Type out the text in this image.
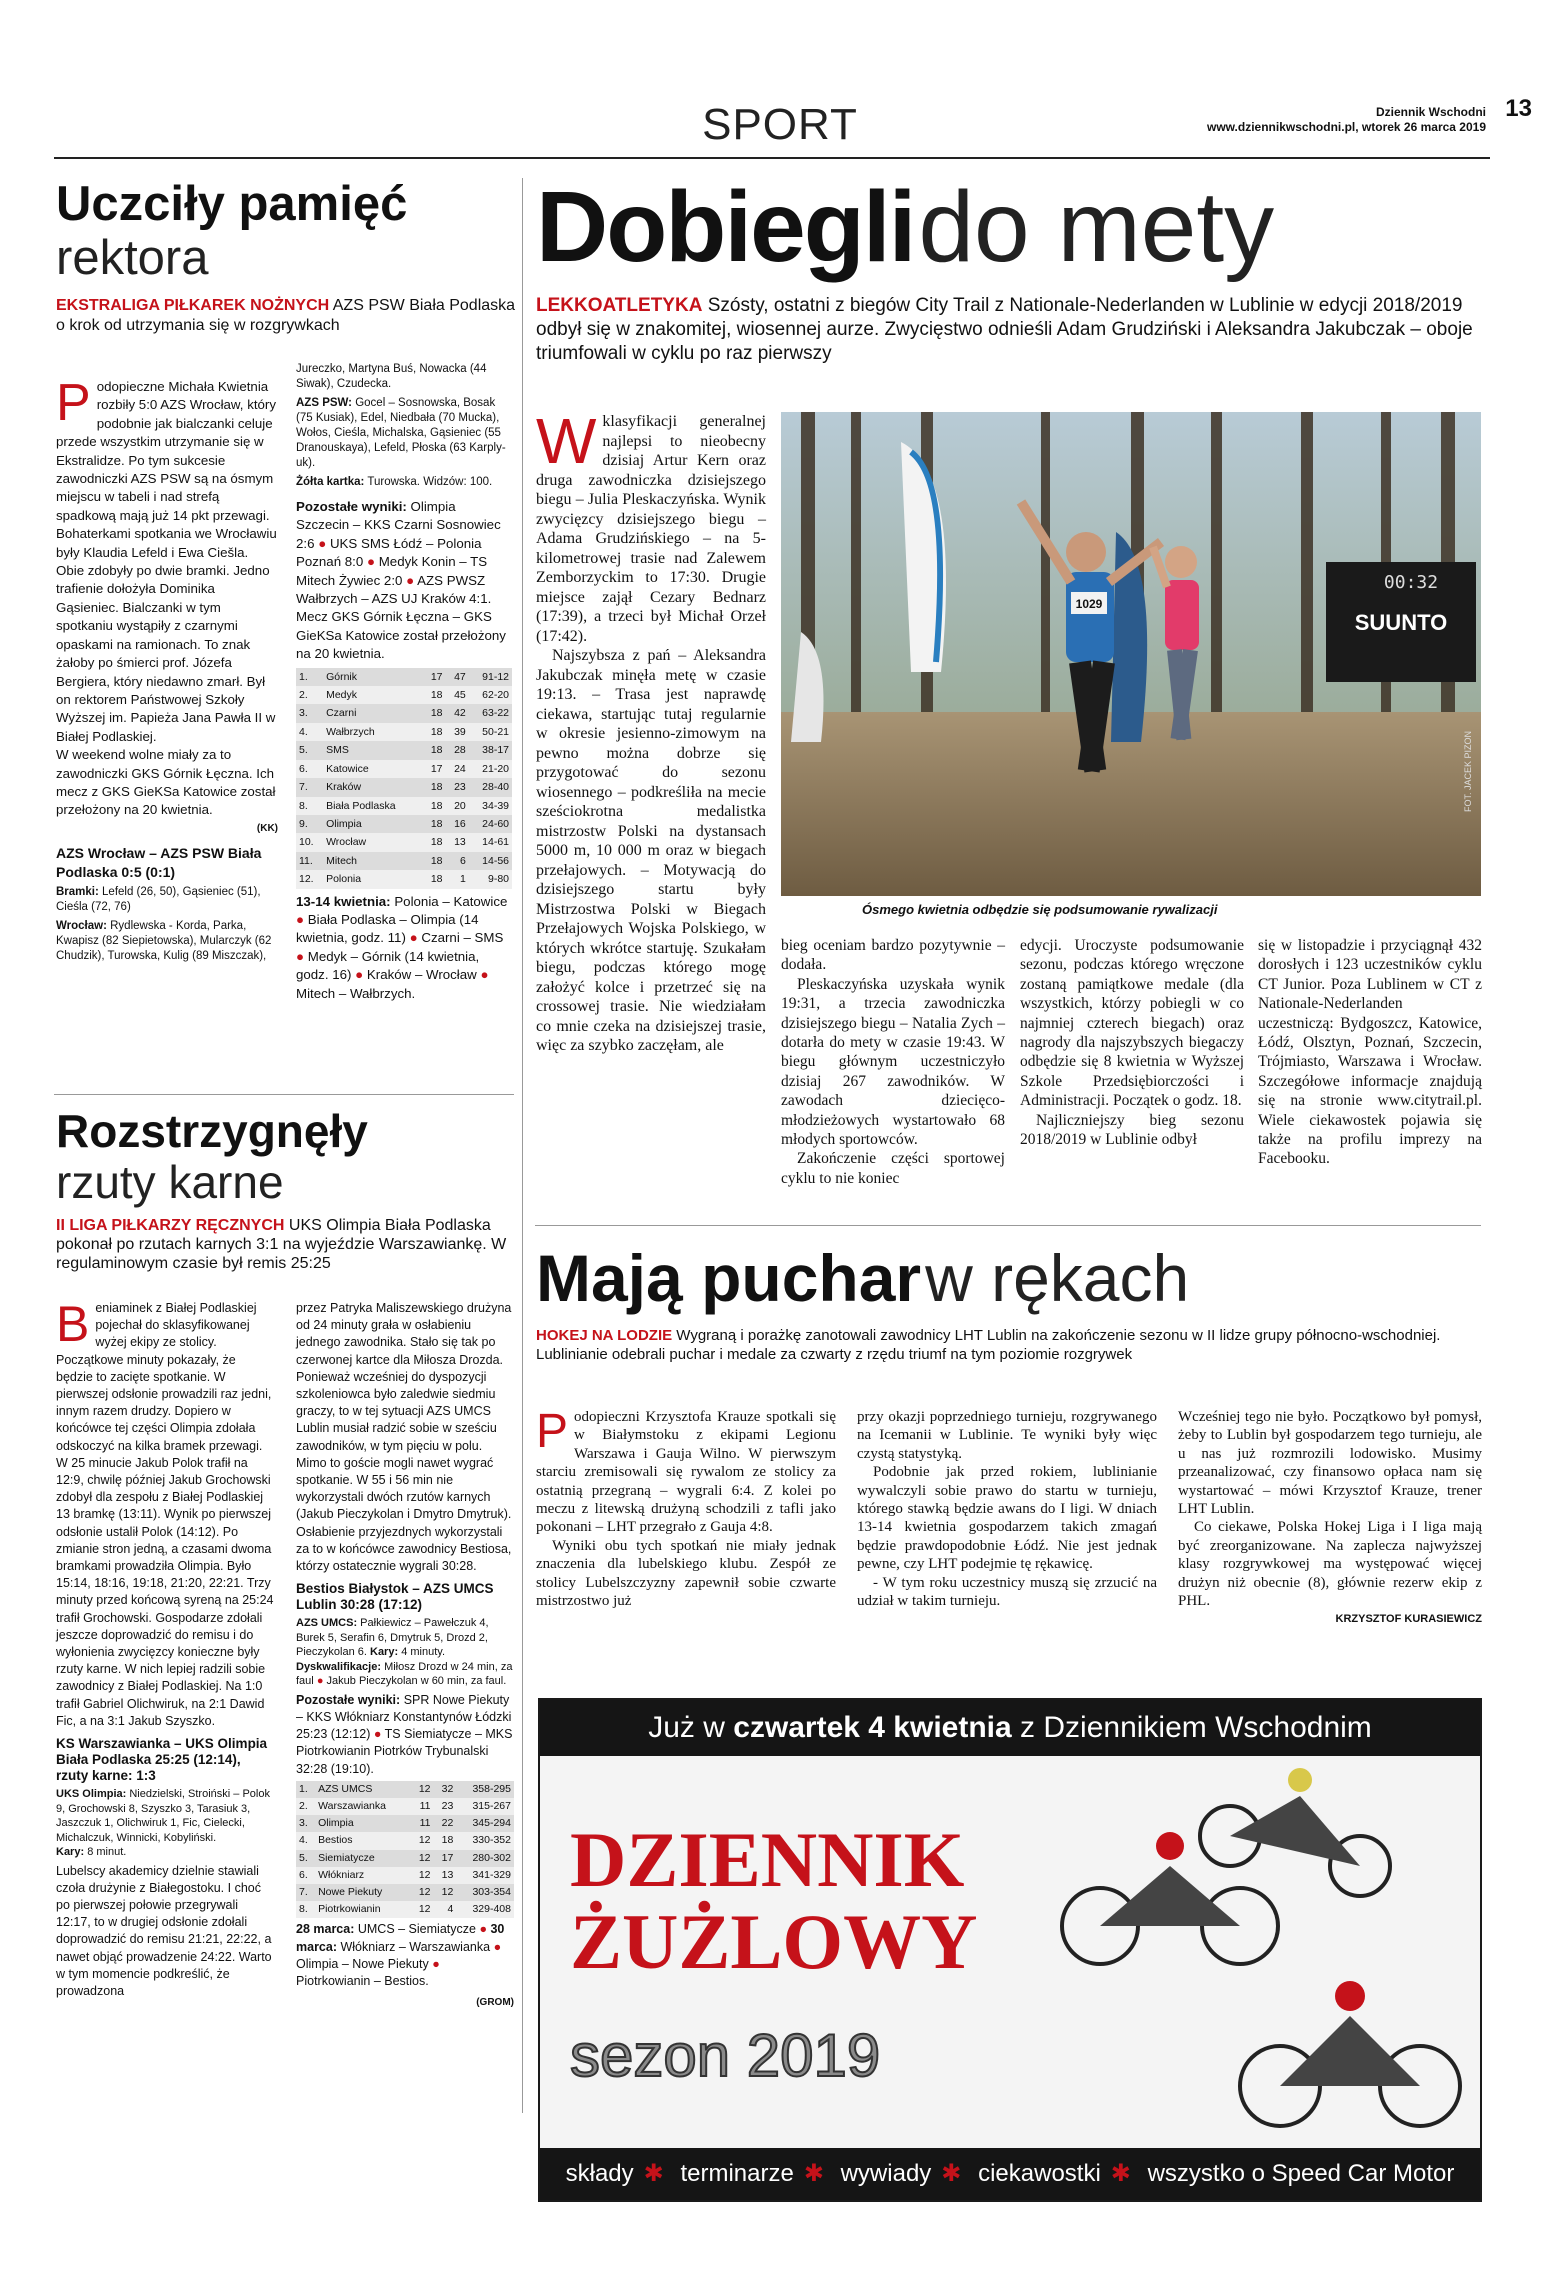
SPORT	Dziennik Wschodni
www.dziennikwschodni.pl, wtorek 26 marca 2019
13
Uczciły pamięć
rektora
EKSTRALIGA PIŁKAREK NOŻNYCH AZS PSW Biała Podlaska o krok od utrzymania się w rozgrywkach
P odopieczne Michała Kwietnia rozbiły 5:0 AZS Wrocław, który podobnie jak bialczanki celuje przede wszystkim utrzymanie się w Ekstralidze. Po tym sukcesie zawodniczki AZS PSW są na ósmym miejscu w tabeli i nad strefą spadkową mają już 14 pkt przewagi.
Bohaterkami spotkania we Wrocławiu były Klaudia Lefeld i Ewa Ciešla. Obie zdobyły po dwie bramki. Jedno trafienie dołożyła Dominika Gąsieniec. Bialczanki w tym spotkaniu wystąpiły z czarnymi opaskami na ramionach. To znak żałoby po śmierci prof. Józefa Bergiera, który niedawno zmarł. Był on rektorem Państwowej Szkoły Wyższej im. Papieża Jana Pawła II w Białej Podlaskiej.
W weekend wolne miały za to zawodniczki GKS Górnik Łęczna. Ich mecz z GKS GieKSa Katowice został przełożony na 20 kwietnia.
(KK)
AZS Wrocław – AZS PSW Biała Podlaska 0:5 (0:1)
Bramki: Lefeld (26, 50), Gąsieniec (51), Cieśla (72, 76)
Wrocław: Rydlewska - Korda, Parka, Kwapisz (82 Siepietowska), Mularczyk (62 Chudzik), Turowska, Kulig (89 Miszczak),
Jureczko, Martyna Buś, Nowacka (44 Siwak), Czudecka.
AZS PSW: Gocel – Sosnowska, Bosak (75 Kusiak), Edel, Niedbała (70 Mucka), Wołos, Cieśla, Michalska, Gąsieniec (55 Dranouskaya), Lefeld, Płoska (63 Karply-uk).
Żółta kartka: Turowska. Widzów: 100.
Pozostałe wyniki: Olimpia Szczecin – KKS Czarni Sosnowiec 2:6 ● UKS SMS Łódź – Polonia Poznań 8:0 ● Medyk Konin – TS Mitech Żywiec 2:0 ● AZS PWSZ Wałbrzych – AZS UJ Kraków 4:1. Mecz GKS Górnik Łęczna – GKS GieKSa Katowice został przełożony na 20 kwietnia.
1.	Górnik	17	47	91-12
2.	Medyk	18	45	62-20
3.	Czarni	18	42	63-22
4.	Wałbrzych	18	39	50-21
5.	SMS	18	28	38-17
6.	Katowice	17	24	21-20
7.	Kraków	18	23	28-40
8.	Biała Podlaska	18	20	34-39
9.	Olimpia	18	16	24-60
10.	Wrocław	18	13	14-61
11.	Mitech	18	6	14-56
12.	Polonia	18	1	9-80
13-14 kwietnia: Polonia – Katowice ● Biała Podlaska – Olimpia (14 kwietnia, godz. 11) ● Czarni – SMS ● Medyk – Górnik (14 kwietnia, godz. 16) ● Kraków – Wrocław ● Mitech – Wałbrzych.
Rozstrzygnęły
rzuty karne
II LIGA PIŁKARZY RĘCZNYCH UKS Olimpia Biała Podlaska pokonał po rzutach karnych 3:1 na wyjeździe Warszawiankę. W regulaminowym czasie był remis 25:25
B eniaminek z Białej Podlaskiej pojechał do sklasyfikowanej wyżej ekipy ze stolicy. Początkowe minuty pokazały, że będzie to zacięte spotkanie. W pierwszej odsłonie prowadzili raz jedni, innym razem drudzy. Dopiero w końcówce tej części Olimpia zdołała odskoczyć na kilka bramek przewagi. W 25 minucie Jakub Polok trafił na 12:9, chwilę później Jakub Grochowski zdobył dla zespołu z Białej Podlaskiej 13 bramkę (13:11). Wynik po pierwszej odsłonie ustalił Polok (14:12). Po zmianie stron jedną, a czasami dwoma bramkami prowadziła Olimpia. Było 15:14, 18:16, 19:18, 21:20, 22:21. Trzy minuty przed końcową syreną na 25:24 trafił Grochowski. Gospodarze zdołali jeszcze doprowadzić do remisu i do wyłonienia zwycięzcy konieczne były rzuty karne. W nich lepiej radzili sobie zawodnicy z Białej Podlaskiej. Na 1:0 trafił Gabriel Olichwiruk, na 2:1 Dawid Fic, a na 3:1 Jakub Szyszko.
KS Warszawianka – UKS Olimpia Biała Podlaska 25:25 (12:14), rzuty karne: 1:3
UKS Olimpia: Niedzielski, Stroiński – Polok 9, Grochowski 8, Szyszko 3, Tarasiuk 3, Jaszczuk 1, Olichwiruk 1, Fic, Cielecki, Michalczuk, Winnicki, Kobyliński.
Kary: 8 minut.
Lubelscy akademicy dzielnie stawiali czoła drużynie z Białegostoku. I choć po pierwszej połowie przegrywali 12:17, to w drugiej odsłonie zdołali doprowadzić do remisu 21:21, 22:22, a nawet objąć prowadzenie 24:22. Warto w tym momencie podkreślić, że prowadzona
przez Patryka Maliszewskiego drużyna od 24 minuty grała w osłabieniu jednego zawodnika. Stało się tak po czerwonej kartce dla Miłosza Drozda. Ponieważ wcześniej do dyspozycji szkoleniowca było zaledwie siedmiu graczy, to w tej sytuacji AZS UMCS Lublin musiał radzić sobie w sześciu zawodników, w tym pięciu w polu. Mimo to goście mogli nawet wygrać spotkanie. W 55 i 56 min nie wykorzystali dwóch rzutów karnych (Jakub Pieczykolan i Dmytro Dmytruk). Osłabienie przyjezdnych wykorzystali za to w końcówce zawodnicy Bestiosa, którzy ostatecznie wygrali 30:28.
Bestios Białystok – AZS UMCS Lublin 30:28 (17:12)
AZS UMCS: Pałkiewicz – Pawełczuk 4, Burek 5, Serafin 6, Dmytruk 5, Drozd 2, Pieczykolan 6. Kary: 4 minuty. Dyskwalifikacje: Miłosz Drozd w 24 min, za faul ● Jakub Pieczykolan w 60 min, za faul.
Pozostałe wyniki: SPR Nowe Piekuty – KKS Włókniarz Konstantynów Łódzki 25:23 (12:12) ● TS Siemiatycze – MKS Piotrkowianin Piotrków Trybunalski 32:28 (19:10).
1.	AZS UMCS	12	32	358-295
2.	Warszawianka	11	23	315-267
3.	Olimpia	11	22	345-294
4.	Bestios	12	18	330-352
5.	Siemiatycze	12	17	280-302
6.	Włókniarz	12	13	341-329
7.	Nowe Piekuty	12	12	303-354
8.	Piotrkowianin	12	4	329-408
28 marca: UMCS – Siemiatycze ● 30 marca: Włókniarz – Warszawianka ● Olimpia – Nowe Piekuty ● Piotrkowianin – Bestios.
(GROM)
Dobiegli do mety
LEKKOATLETYKA Szósty, ostatni z biegów City Trail z Nationale-Nederlanden w Lublinie w edycji 2018/2019 odbył się w znakomitej, wiosennej aurze. Zwycięstwo odnieśli Adam Grudziński i Aleksandra Jakubczak – oboje triumfowali w cyklu po raz pierwszy
W klasyfikacji generalnej najlepsi to nieobecny dzisiaj Artur Kern oraz druga zawodniczka dzisiejszego biegu – Julia Pleskaczyńska. Wynik zwycięzcy dzisiejszego biegu – Adama Grudzińskiego – na 5-kilometrowej trasie nad Zalewem Zemborzyckim to 17:30. Drugie miejsce zajął Cezary Bednarz (17:39), a trzeci był Michał Orzeł (17:42).
Najszybsza z pań – Aleksandra Jakubczak minęła metę w czasie 19:13. – Trasa jest naprawdę ciekawa, startując tutaj regularnie w okresie jesienno-zimowym na pewno można dobrze się przygotować do sezonu wiosennego – podkreśliła na mecie sześciokrotna medalistka mistrzostw Polski na dystansach 5000 m, 10 000 m oraz w biegach przełajowych. – Motywacją do dzisiejszego startu były Mistrzostwa Polski w Biegach Przełajowych Wojska Polskiego, w których wkrótce startuję. Szukałam biegu, podczas którego mogę założyć kolce i przetrzeć się na crossowej trasie. Nie wiedziałam co mnie czeka na dzisiejszej trasie, więc za szybko zaczęłam, ale
SUUNTO
00:32
1029
FOT. JACEK PIZON
Ósmego kwietnia odbędzie się podsumowanie rywalizacji
bieg oceniam bardzo pozytywnie – dodała.
Pleskaczyńska uzyskała wynik 19:31, a trzecia zawodniczka dzisiejszego biegu – Natalia Zych – dotarła do mety w czasie 19:43. W biegu głównym uczestniczyło dzisiaj 267 zawodników. W zawodach dziecięco-młodzieżowych wystartowało 68 młodych sportowców.
Zakończenie części sportowej cyklu to nie koniec
edycji. Uroczyste podsumowanie sezonu, podczas którego wręczone zostaną pamiątkowe medale (dla wszystkich, którzy pobiegli w co najmniej czterech biegach) oraz nagrody dla najszybszych biegaczy odbędzie się 8 kwietnia w Wyższej Szkole Przedsiębiorczości i Administracji. Początek o godz. 18.
Najliczniejszy bieg sezonu 2018/2019 w Lublinie odbył
się w listopadzie i przyciągnął 432 dorosłych i 123 uczestników cyklu CT Junior. Poza Lublinem w CT z Nationale-Nederlanden uczestniczą: Bydgoszcz, Katowice, Łódź, Olsztyn, Poznań, Szczecin, Trójmiasto, Warszawa i Wrocław. Szczegółowe informacje znajdują się na stronie www.citytrail.pl. Wiele ciekawostek pojawia się także na profilu imprezy na Facebooku.
Mają puchar w rękach
HOKEJ NA LODZIE Wygraną i porażkę zanotowali zawodnicy LHT Lublin na zakończenie sezonu w II lidze grupy północno-wschodniej. Lublinianie odebrali puchar i medale za czwarty z rzędu triumf na tym poziomie rozgrywek
P odopieczni Krzysztofa Krauze spotkali się w Białymstoku z ekipami Legionu Warszawa i Gauja Wilno. W pierwszym starciu zremisowali się rywalom ze stolicy za ostatnią przegraną – wygrali 6:4. Z kolei po meczu z litewską drużyną schodzili z tafli jako pokonani – LHT przegrało z Gauja 4:8.
Wyniki obu tych spotkań nie miały jednak znaczenia dla lubelskiego klubu. Zespół ze stolicy Lubelszczyzny zapewnił sobie czwarte mistrzostwo już
przy okazji poprzedniego turnieju, rozgrywanego na Icemanii w Lublinie. Te wyniki były więc czystą statystyką.
Podobnie jak przed rokiem, lublinianie wywalczyli sobie prawo do startu w turnieju, którego stawką będzie awans do I ligi. W dniach 13-14 kwietnia gospodarzem takich zmagań będzie prawdopodobnie Łódź. Nie jest jednak pewne, czy LHT podejmie tę rękawicę.
- W tym roku uczestnicy muszą się zrzucić na udział w takim turnieju.
Wcześniej tego nie było. Początkowo był pomysł, żeby to Lublin był gospodarzem tego turnieju, ale u nas już rozmrozili lodowisko. Musimy przeanalizować, czy finansowo opłaca nam się wystartować – mówi Krzysztof Krauze, trener LHT Lublin.
Co ciekawe, Polska Hokej Liga i I liga mają być zreorganizowane. Na zaplecza najwyższej klasy rozgrywkowej ma występować więcej drużyn niż obecnie (8), głównie rezerw ekip z PHL.
KRZYSZTOF KURASIEWICZ
Już w czwartek 4 kwietnia z Dziennikiem Wschodnim
DZIENNIK
ŻUŻLOWY
sezon 2019
składy ✱ terminarze ✱ wywiady ✱ ciekawostki ✱ wszystko o Speed Car Motor Lublin
